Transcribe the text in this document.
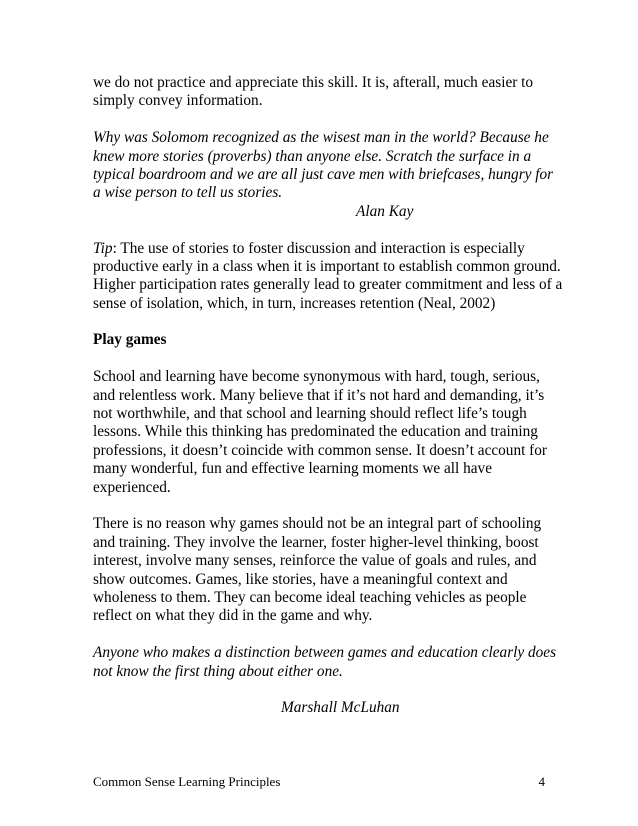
we do not practice and appreciate this skill. It is, afterall, much easier to
simply convey information.
Why was Solomom recognized as the wisest man in the world? Because he
knew more stories (proverbs) than anyone else. Scratch the surface in a
typical boardroom and we are all just cave men with briefcases, hungry for
a wise person to tell us stories.
Alan Kay
Tip: The use of stories to foster discussion and interaction is especially
productive early in a class when it is important to establish common ground.
Higher participation rates generally lead to greater commitment and less of a
sense of isolation, which, in turn, increases retention (Neal, 2002)
Play games
School and learning have become synonymous with hard, tough, serious,
and relentless work. Many believe that if it’s not hard and demanding, it’s
not worthwhile, and that school and learning should reflect life’s tough
lessons. While this thinking has predominated the education and training
professions, it doesn’t coincide with common sense. It doesn’t account for
many wonderful, fun and effective learning moments we all have
experienced.
There is no reason why games should not be an integral part of schooling
and training. They involve the learner, foster higher-level thinking, boost
interest, involve many senses, reinforce the value of goals and rules, and
show outcomes. Games, like stories, have a meaningful context and
wholeness to them. They can become ideal teaching vehicles as people
reflect on what they did in the game and why.
Anyone who makes a distinction between games and education clearly does
not know the first thing about either one.
Marshall McLuhan
Common Sense Learning Principles	4
